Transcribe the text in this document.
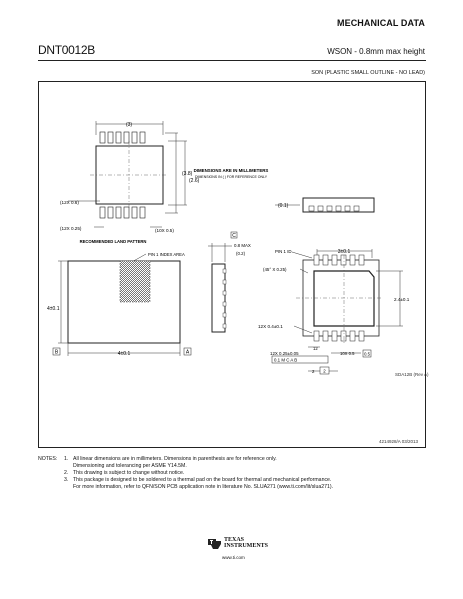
MECHANICAL DATA
DNT0012B	WSON - 0.8mm max height
SON (PLASTIC SMALL OUTLINE - NO LEAD)
(3)
(3.8)
(2.6)
(12X 0.6)
(12X 0.25)	(10X 0.5)
DIMENSIONS ARE IN MILLIMETERS
DIMENSIONS IN ( ) FOR REFERENCE ONLY
(0.1)
RECOMMENDED LAND PATTERN
PIN 1 INDEX AREA
4±0.1
4±0.1
B	A
C
0.8 MAX
(0.2)	3±0.1
PIN 1 ID
(45° X 0.25)
2.4±0.1
12X 0.4±0.1
12X 0.25±0.05
12
0.1 M C A B
0.5
10X 0.5
2
2
SDA12B (Rev A)
4214928/A 03/2013
NOTES: 1. All linear dimensions are in millimeters. Dimensions in parenthesis are for reference only.
Dimensioning and tolerancing per ASME Y14.5M.
2. This drawing is subject to change without notice.
3. This package is designed to be soldered to a thermal pad on the board for thermal and mechanical performance.
For more information, refer to QFN/SON PCB application note in literature No. SLUA271 (www.ti.com/lit/slua271).
TEXAS
INSTRUMENTS
www.ti.com
